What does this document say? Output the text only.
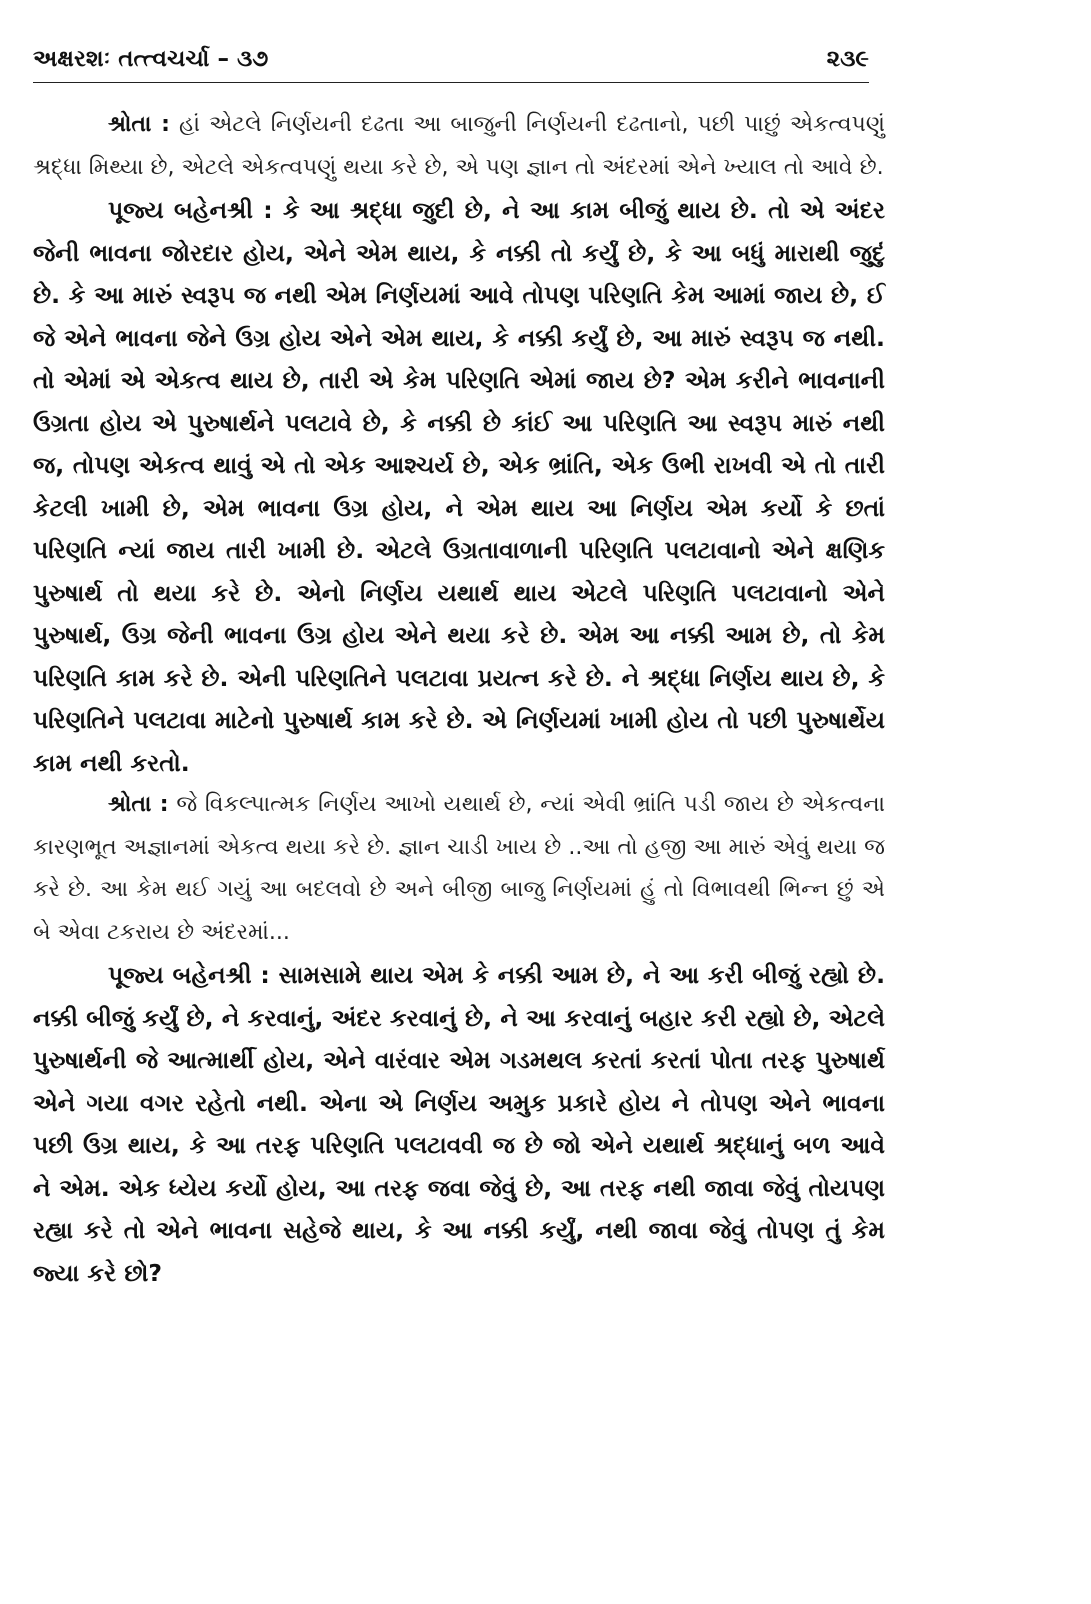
અક્ષરશઃ તત્ત્વચર્ચા – ૩૭	૨૩૯

શ્રોતા : હાં એટલે નિર્ણયની દઢતા આ બાજુની નિર્ણયની દઢતાનો, પછી પાછું એકત્વપણું શ્રદ્ધા મિથ્યા છે, એટલે એકત્વપણું થયા કરે છે, એ પણ જ્ઞાન તો અંદરમાં એને ખ્યાલ તો આવે છે.

પૂજ્ય બહેનશ્રી : કે આ શ્રદ્ધા જુદી છે, ને આ કામ બીજું થાય છે. તો એ અંદર જેની ભાવના જોરદાર હોય, એને એમ થાય, કે નક્કી તો કર્યું છે, કે આ બધું મારાથી જુદું છે. કે આ મારું સ્વરૂપ જ નથી એમ નિર્ણયમાં આવે તોપણ પરિણતિ કેમ આમાં જાય છે, ઈ જે એને ભાવના જેને ઉગ્ર હોય એને એમ થાય, કે નક્કી કર્યું છે, આ મારું સ્વરૂપ જ નથી. તો એમાં એ એકત્વ થાય છે, તારી એ કેમ પરિણતિ એમાં જાય છે? એમ કરીને ભાવનાની ઉગ્રતા હોય એ પુરુષાર્થને પલટાવે છે, કે નક્કી છે કાંઈ આ પરિણતિ આ સ્વરૂપ મારું નથી જ, તોપણ એકત્વ થાવું એ તો એક આશ્ચર્ય છે, એક ભ્રાંતિ, એક ઉભી રાખવી એ તો તારી કેટલી ખામી છે, એમ ભાવના ઉગ્ર હોય, ને એમ થાય આ નિર્ણય એમ કર્યો કે છતાં પરિણતિ ન્યાં જાય તારી ખામી છે. એટલે ઉગ્રતાવાળાની પરિણતિ પલટાવાનો એને ક્ષણિક પુરુષાર્થ તો થયા કરે છે. એનો નિર્ણય યથાર્થ થાય એટલે પરિણતિ પલટાવાનો એને પુરુષાર્થ, ઉગ્ર જેની ભાવના ઉગ્ર હોય એને થયા કરે છે. એમ આ નક્કી આમ છે, તો કેમ પરિણતિ કામ કરે છે. એની પરિણતિને પલટાવા પ્રયત્ન કરે છે. ને શ્રદ્ધા નિર્ણય થાય છે, કે પરિણતિને પલટાવા માટેનો પુરુષાર્થ કામ કરે છે. એ નિર્ણયમાં ખામી હોય તો પછી પુરુષાર્થેય કામ નથી કરતો.

શ્રોતા : જે વિકલ્પાત્મક નિર્ણય આખો યથાર્થ છે, ન્યાં એવી ભ્રાંતિ પડી જાય છે એકત્વના કારણભૂત અજ્ઞાનમાં એકત્વ થયા કરે છે. જ્ઞાન ચાડી ખાય છે ..આ તો હજી આ મારું એવું થયા જ કરે છે. આ કેમ થઈ ગયું આ બદલવો છે અને બીજી બાજુ નિર્ણયમાં હું તો વિભાવથી ભિન્ન છું એ બે એવા ટકરાય છે અંદરમાં...

પૂજ્ય બહેનશ્રી : સામસામે થાય એમ કે નક્કી આમ છે, ને આ કરી બીજું રહ્યો છે. નક્કી બીજું કર્યું છે, ને કરવાનું, અંદર કરવાનું છે, ને આ કરવાનું બહાર કરી રહ્યો છે, એટલે પુરુષાર્થની જે આત્માર્થી હોય, એને વારંવાર એમ ગડમથલ કરતાં કરતાં પોતા તરફ પુરુષાર્થ એને ગયા વગર રહેતો નથી. એના એ નિર્ણય અમુક પ્રકારે હોય ને તોપણ એને ભાવના પછી ઉગ્ર થાય, કે આ તરફ પરિણતિ પલટાવવી જ છે જો એને યથાર્થ શ્રદ્ધાનું બળ આવે ને એમ. એક ધ્યેય કર્યો હોય, આ તરફ જવા જેવું છે, આ તરફ નથી જાવા જેવું તોયપણ રહ્યા કરે તો એને ભાવના સહેજે થાય, કે આ નક્કી કર્યું, નથી જાવા જેવું તોપણ તું કેમ જ્યા કરે છો?
